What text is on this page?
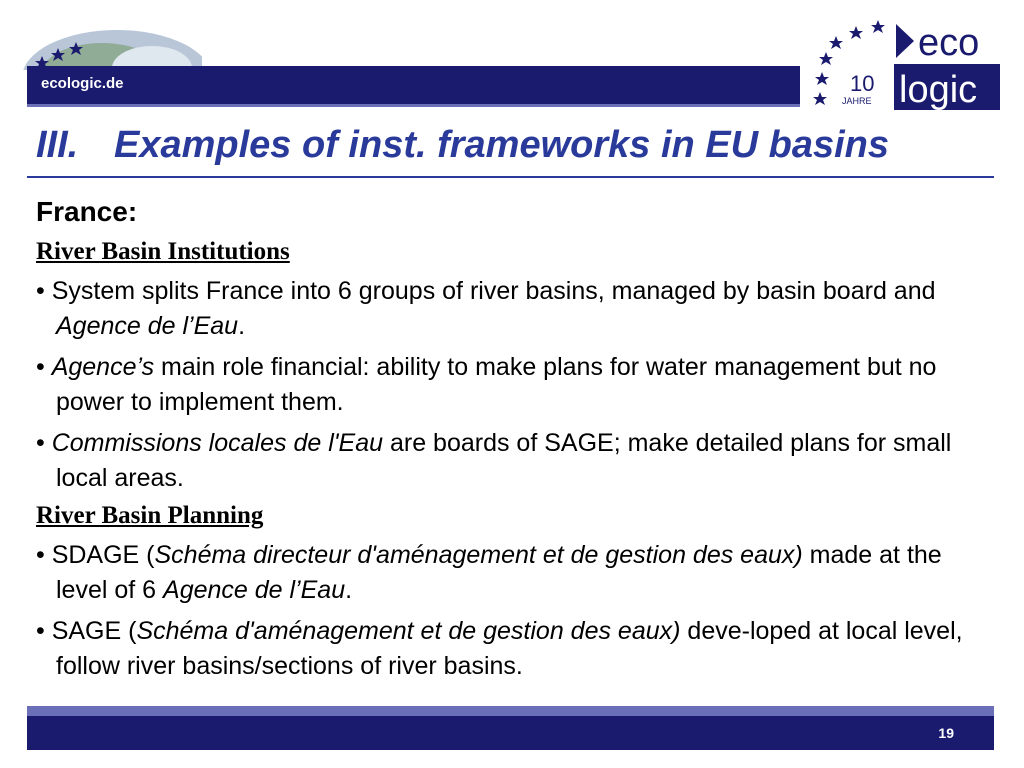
ecologic.de
eco
logic
10
JAHRE
III. Examples of inst. frameworks in EU basins
France:
River Basin Institutions
• System splits France into 6 groups of river basins, managed by basin board and Agence de l’Eau.
• Agence’s main role financial: ability to make plans for water management but no power to implement them.
• Commissions locales de l'Eau are boards of SAGE; make detailed plans for small local areas.
River Basin Planning
• SDAGE (Schéma directeur d'aménagement et de gestion des eaux) made at the level of 6 Agence de l’Eau.
• SAGE (Schéma d'aménagement et de gestion des eaux) deve-loped at local level, follow river basins/sections of river basins.
19
